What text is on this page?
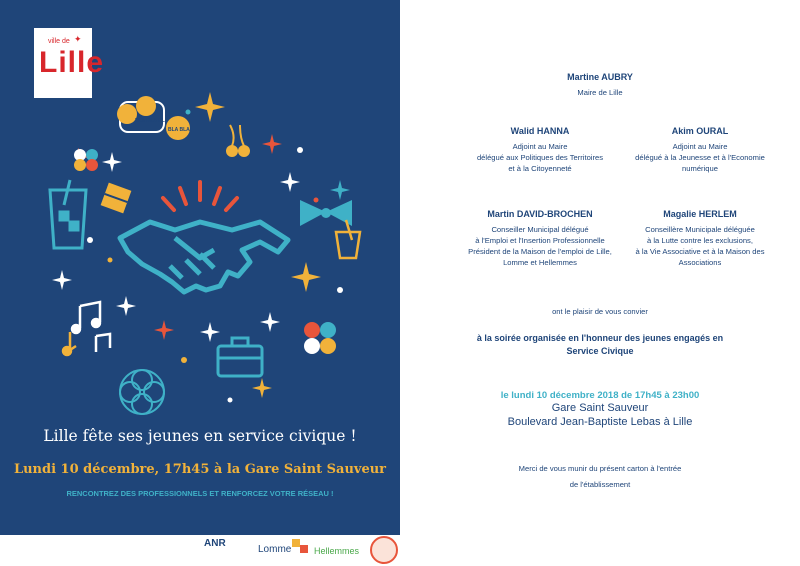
BLA BLA BLA
BLA BLA
ville de ✦
Lille
Lille fête ses jeunes en service civique !
Lundi 10 décembre, 17h45 à la Gare Saint Sauveur
RENCONTREZ DES PROFESSIONNELS ET RENFORCEZ VOTRE RÉSEAU !
ANR
Lomme	Hellemmes
Martine AUBRY
Maire de Lille
Walid HANNA
Adjoint au Maire
délégué aux Politiques des Territoires
et à la Citoyenneté
Akim OURAL
Adjoint au Maire
délégué à la Jeunesse et à l'Economie
numérique
Martin DAVID-BROCHEN
Conseiller Municipal délégué
à l'Emploi et l'Insertion Professionnelle
Président de la Maison de l'emploi de Lille,
Lomme et Hellemmes
Magalie HERLEM
Conseillère Municipale déléguée
à la Lutte contre les exclusions,
à la Vie Associative et à la Maison des
Associations
ont le plaisir de vous convier
à la soirée organisée en l'honneur des jeunes engagés en
Service Civique
le lundi 10 décembre 2018 de 17h45 à 23h00
Gare Saint Sauveur
Boulevard Jean-Baptiste Lebas à Lille
Merci de vous munir du présent carton à l'entrée
de l'établissement
